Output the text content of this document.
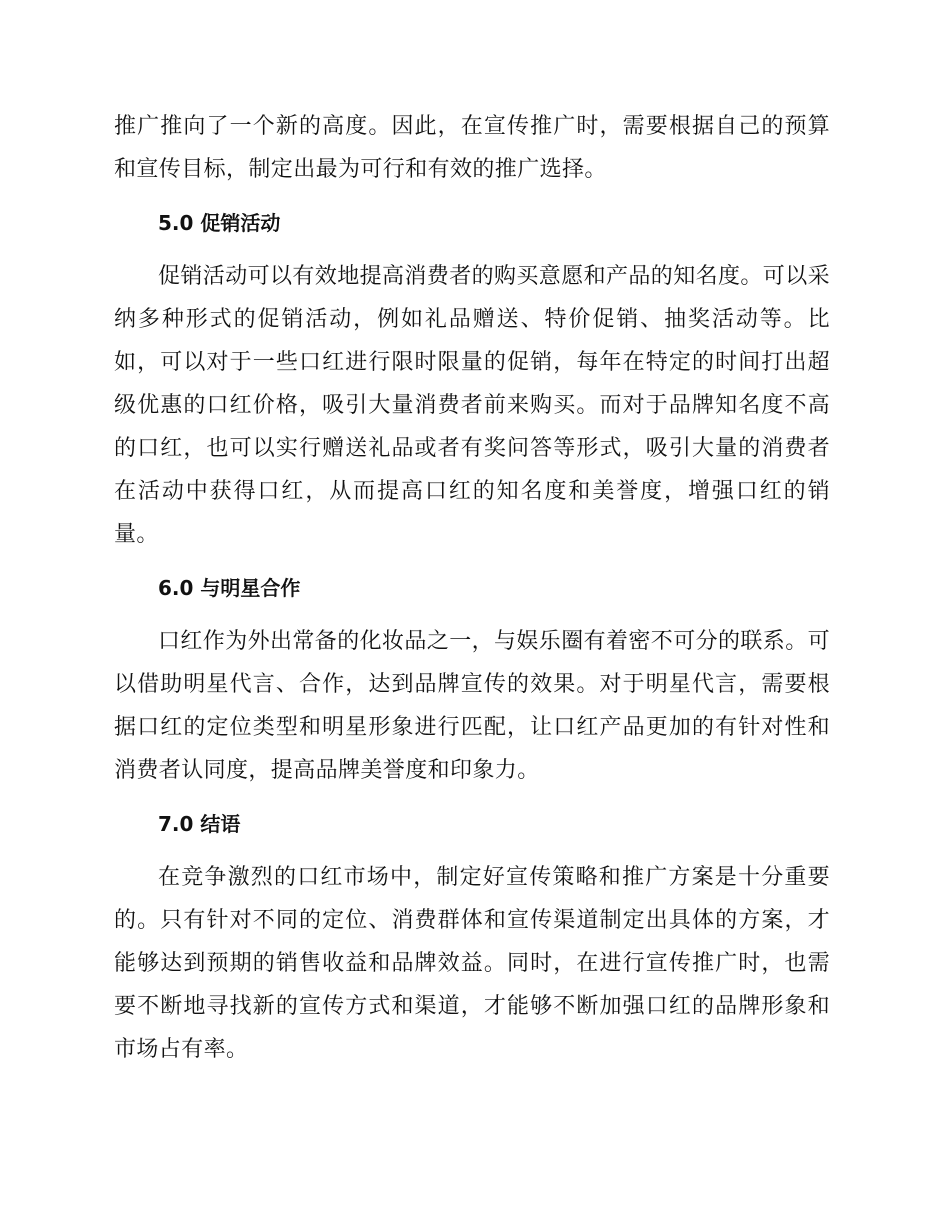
推广推向了一个新的高度。因此，在宣传推广时，需要根据自己的预算和宣传目标，制定出最为可行和有效的推广选择。

5.0 促销活动

促销活动可以有效地提高消费者的购买意愿和产品的知名度。可以采纳多种形式的促销活动，例如礼品赠送、特价促销、抽奖活动等。比如，可以对于一些口红进行限时限量的促销，每年在特定的时间打出超级优惠的口红价格，吸引大量消费者前来购买。而对于品牌知名度不高的口红，也可以实行赠送礼品或者有奖问答等形式，吸引大量的消费者在活动中获得口红，从而提高口红的知名度和美誉度，增强口红的销量。

6.0 与明星合作

口红作为外出常备的化妆品之一，与娱乐圈有着密不可分的联系。可以借助明星代言、合作，达到品牌宣传的效果。对于明星代言，需要根据口红的定位类型和明星形象进行匹配，让口红产品更加的有针对性和消费者认同度，提高品牌美誉度和印象力。

7.0 结语

在竞争激烈的口红市场中，制定好宣传策略和推广方案是十分重要的。只有针对不同的定位、消费群体和宣传渠道制定出具体的方案，才能够达到预期的销售收益和品牌效益。同时，在进行宣传推广时，也需要不断地寻找新的宣传方式和渠道，才能够不断加强口红的品牌形象和市场占有率。
